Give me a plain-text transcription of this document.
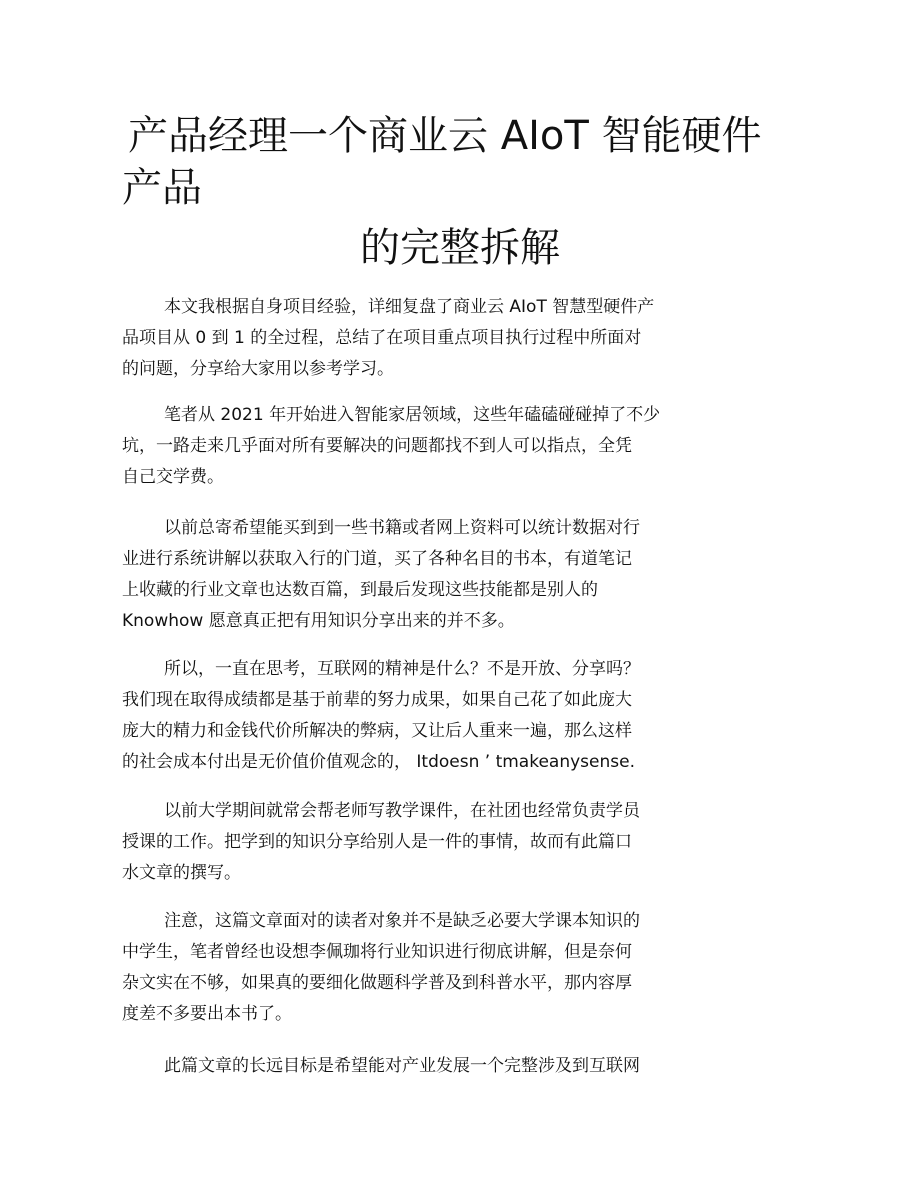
产品经理一个商业云 AIoT 智能硬件
产品
的完整拆解
本文我根据自身项目经验，详细复盘了商业云 AIoT 智慧型硬件产
品项目从 0 到 1 的全过程，总结了在项目重点项目执行过程中所面对
的问题，分享给大家用以参考学习。
笔者从 2021 年开始进入智能家居领域，这些年磕磕碰碰掉了不少
坑，一路走来几乎面对所有要解决的问题都找不到人可以指点，全凭
自己交学费。
以前总寄希望能买到到一些书籍或者网上资料可以统计数据对行
业进行系统讲解以获取入行的门道，买了各种名目的书本，有道笔记
上收藏的行业文章也达数百篇，到最后发现这些技能都是别人的
Knowhow 愿意真正把有用知识分享出来的并不多。
所以，一直在思考，互联网的精神是什么？不是开放、分享吗？
我们现在取得成绩都是基于前辈的努力成果，如果自己花了如此庞大
庞大的精力和金钱代价所解决的弊病，又让后人重来一遍，那么这样
的社会成本付出是无价值价值观念的， Itdoesn ’ tmakeanysense.
以前大学期间就常会帮老师写教学课件，在社团也经常负责学员
授课的工作。把学到的知识分享给别人是一件的事情，故而有此篇口
水文章的撰写。
注意，这篇文章面对的读者对象并不是缺乏必要大学课本知识的
中学生，笔者曾经也设想李佩珈将行业知识进行彻底讲解，但是奈何
杂文实在不够，如果真的要细化做题科学普及到科普水平，那内容厚
度差不多要出本书了。
此篇文章的长远目标是希望能对产业发展一个完整涉及到互联网
